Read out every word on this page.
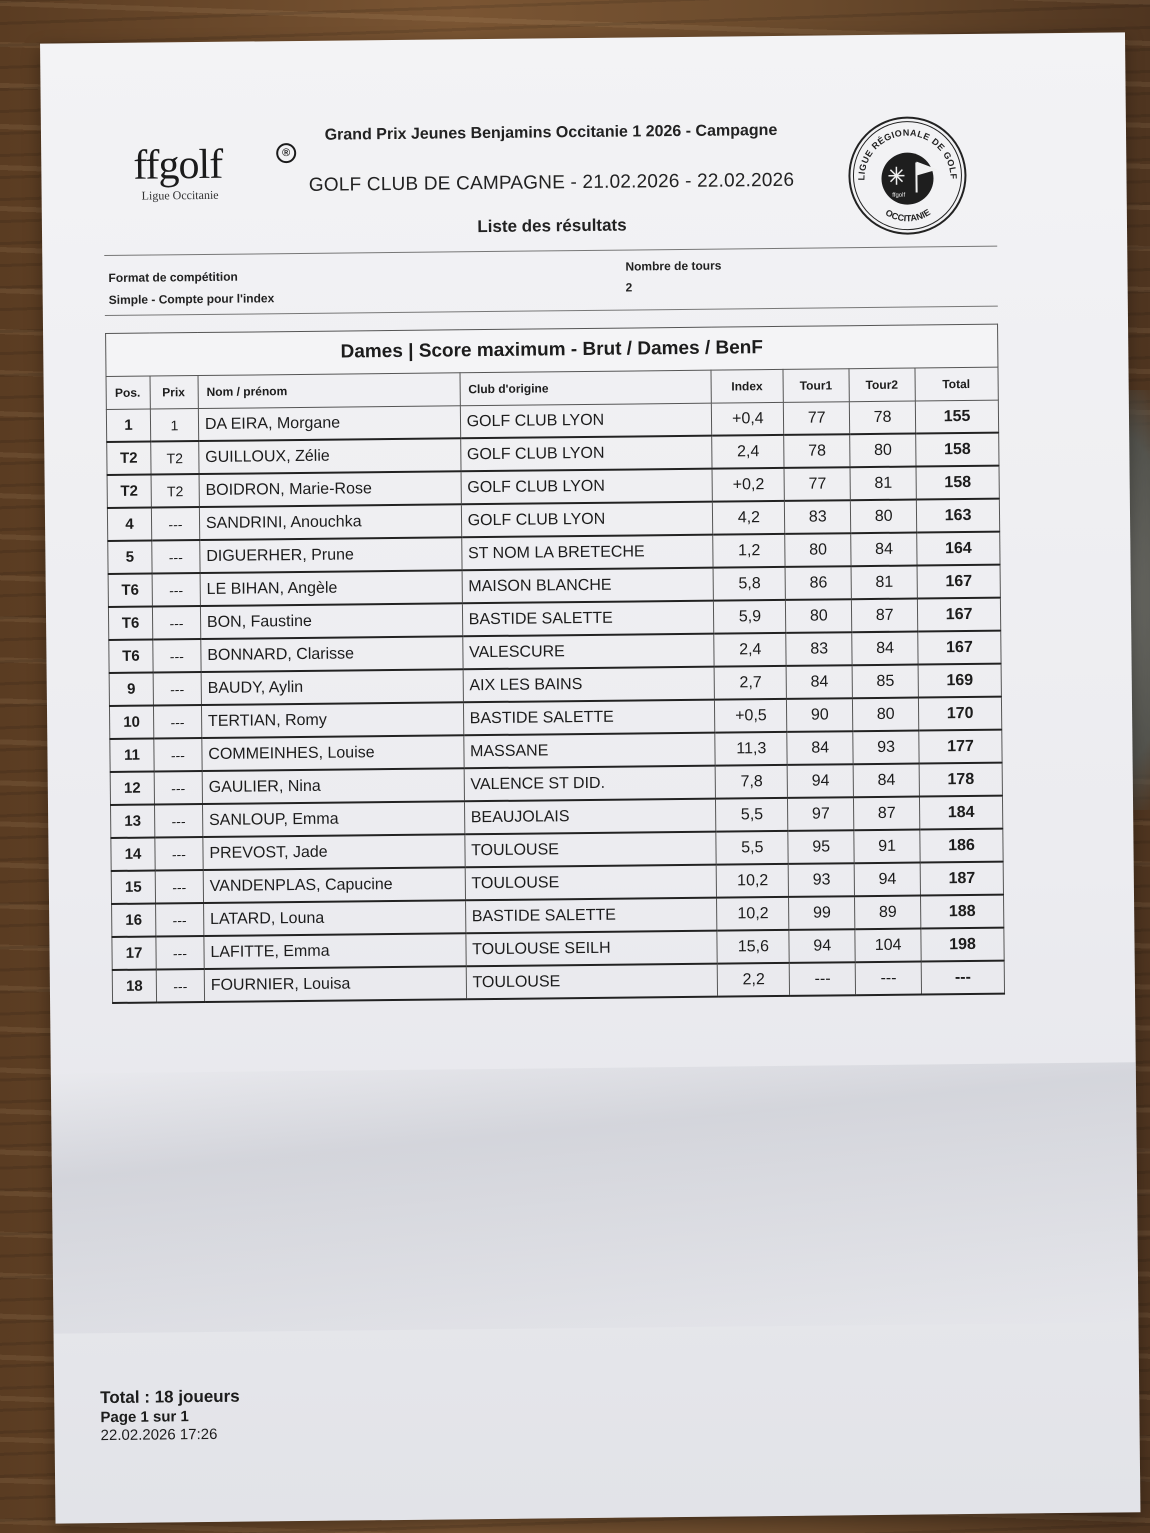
ffgolf	®
Ligue Occitanie
Grand Prix Jeunes Benjamins Occitanie 1 2026 - Campagne
GOLF CLUB DE CAMPAGNE - 21.02.2026 - 22.02.2026
Liste des résultats
LIGUE RÉGIONALE DE GOLF
OCCITANIE
ffgolf
Format de compétition
Simple - Compte pour l'index
Nombre de tours
2
Dames | Score maximum - Brut / Dames / BenF							
Pos.	Prix	Nom / prénom	Club d'origine	Index	Tour1	Tour2	Total
1	1	DA EIRA, Morgane	GOLF CLUB LYON	+0,4	77	78	155
T2	T2	GUILLOUX, Zélie	GOLF CLUB LYON	2,4	78	80	158
T2	T2	BOIDRON, Marie-Rose	GOLF CLUB LYON	+0,2	77	81	158
4	---	SANDRINI, Anouchka	GOLF CLUB LYON	4,2	83	80	163
5	---	DIGUERHER, Prune	ST NOM LA BRETECHE	1,2	80	84	164
T6	---	LE BIHAN, Angèle	MAISON BLANCHE	5,8	86	81	167
T6	---	BON, Faustine	BASTIDE SALETTE	5,9	80	87	167
T6	---	BONNARD, Clarisse	VALESCURE	2,4	83	84	167
9	---	BAUDY, Aylin	AIX LES BAINS	2,7	84	85	169
10	---	TERTIAN, Romy	BASTIDE SALETTE	+0,5	90	80	170
11	---	COMMEINHES, Louise	MASSANE	11,3	84	93	177
12	---	GAULIER, Nina	VALENCE ST DID.	7,8	94	84	178
13	---	SANLOUP, Emma	BEAUJOLAIS	5,5	97	87	184
14	---	PREVOST, Jade	TOULOUSE	5,5	95	91	186
15	---	VANDENPLAS, Capucine	TOULOUSE	10,2	93	94	187
16	---	LATARD, Louna	BASTIDE SALETTE	10,2	99	89	188
17	---	LAFITTE, Emma	TOULOUSE SEILH	15,6	94	104	198
18	---	FOURNIER, Louisa	TOULOUSE	2,2	---	---	---
Total : 18 joueurs
Page 1 sur 1
22.02.2026 17:26
